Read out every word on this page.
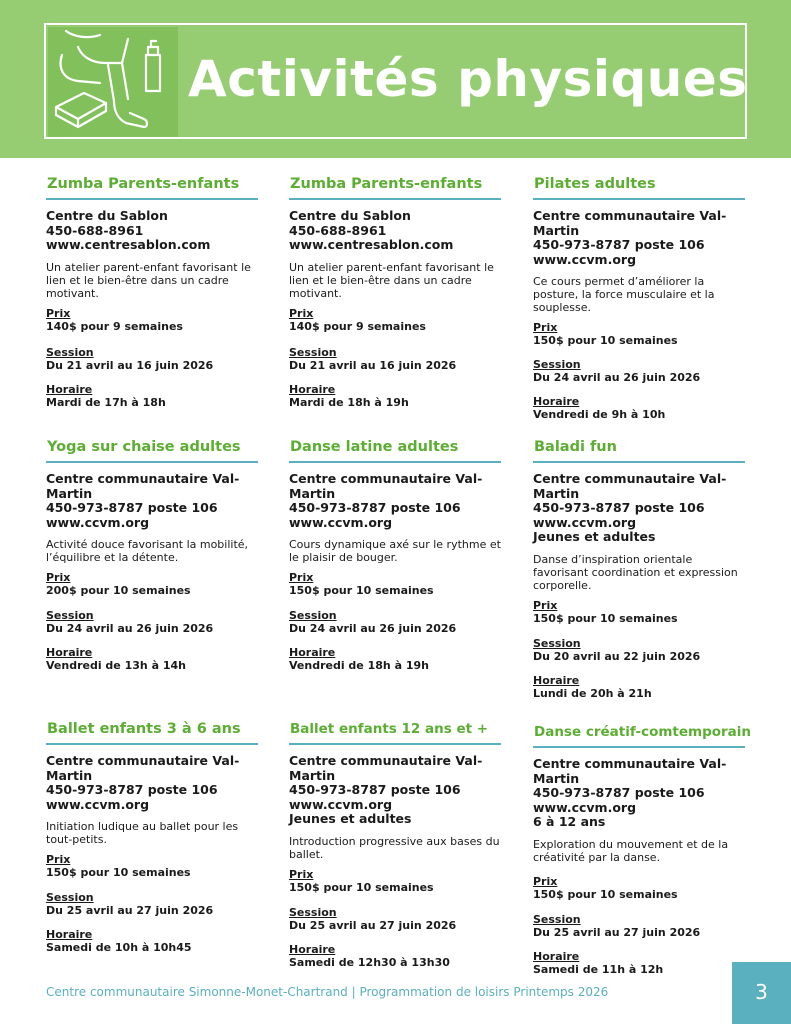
Activités physiques
Zumba Parents-enfants
Centre du Sablon
450-688-8961
www.centresablon.com
Un atelier parent-enfant favorisant le lien et le bien-être dans un cadre motivant.
Prix
140$ pour 9 semaines
Session
Du 21 avril au 16 juin 2026
Horaire
Mardi de 17h à 18h
Zumba Parents-enfants
Centre du Sablon
450-688-8961
www.centresablon.com
Un atelier parent-enfant favorisant le lien et le bien-être dans un cadre motivant.
Prix
140$ pour 9 semaines
Session
Du 21 avril au 16 juin 2026
Horaire
Mardi de 18h à 19h
Pilates adultes
Centre communautaire Val-
Martin
450-973-8787 poste 106
www.ccvm.org
Ce cours permet d’améliorer la posture, la force musculaire et la souplesse.
Prix
150$ pour 10 semaines
Session
Du 24 avril au 26 juin 2026
Horaire
Vendredi de 9h à 10h
Yoga sur chaise adultes
Centre communautaire Val-
Martin
450-973-8787 poste 106
www.ccvm.org
Activité douce favorisant la mobilité, l’équilibre et la détente.
Prix
200$ pour 10 semaines
Session
Du 24 avril au 26 juin 2026
Horaire
Vendredi de 13h à 14h
Danse latine adultes
Centre communautaire Val-
Martin
450-973-8787 poste 106
www.ccvm.org
Cours dynamique axé sur le rythme et le plaisir de bouger.
Prix
150$ pour 10 semaines
Session
Du 24 avril au 26 juin 2026
Horaire
Vendredi de 18h à 19h
Baladi fun
Centre communautaire Val-
Martin
450-973-8787 poste 106
www.ccvm.org
Jeunes et adultes
Danse d’inspiration orientale favorisant coordination et expression corporelle.
Prix
150$ pour 10 semaines
Session
Du 20 avril au 22 juin 2026
Horaire
Lundi de 20h à 21h
Ballet enfants 3 à 6 ans
Centre communautaire Val-
Martin
450-973-8787 poste 106
www.ccvm.org
Initiation ludique au ballet pour les tout-petits.
Prix
150$ pour 10 semaines
Session
Du 25 avril au 27 juin 2026
Horaire
Samedi de 10h à 10h45
Ballet enfants 12 ans et +
Centre communautaire Val-
Martin
450-973-8787 poste 106
www.ccvm.org
Jeunes et adultes
Introduction progressive aux bases du ballet.
Prix
150$ pour 10 semaines
Session
Du 25 avril au 27 juin 2026
Horaire
Samedi de 12h30 à 13h30
Danse créatif-comtemporain
Centre communautaire Val-
Martin
450-973-8787 poste 106
www.ccvm.org
6 à 12 ans
Exploration du mouvement et de la créativité par la danse.
Prix
150$ pour 10 semaines
Session
Du 25 avril au 27 juin 2026
Horaire
Samedi de 11h à 12h
Centre communautaire Simonne-Monet-Chartrand | Programmation de loisirs Printemps 2026	3
